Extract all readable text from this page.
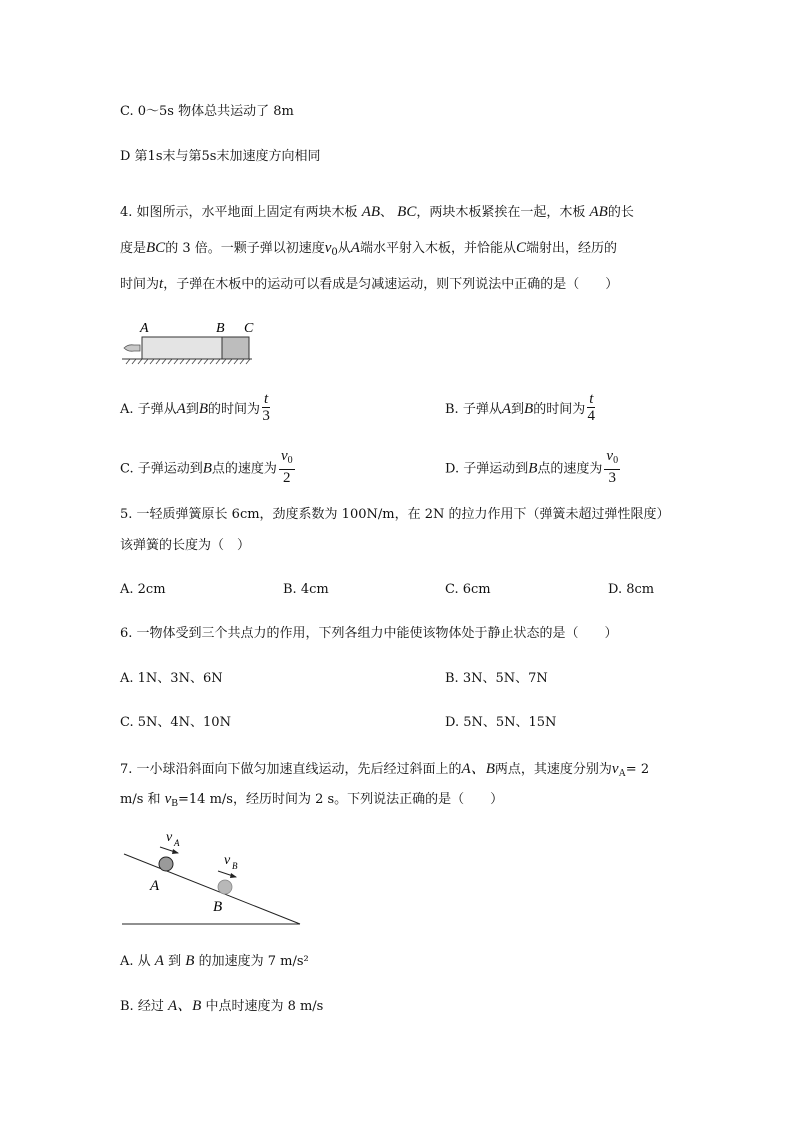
C. 0～5s 物体总共运动了 8m
D 第1s末与第5s末加速度方向相同
4. 如图所示，水平地面上固定有两块木板 AB、 BC，两块木板紧挨在一起，木板 AB的长
度是BC的 3 倍。一颗子弹以初速度$v_0$从A端水平射入木板，并恰能从C端射出，经历的
时间为t，子弹在木板中的运动可以看成是匀减速运动，则下列说法中正确的是（　　）
A	B C
A. 子弹从A到B的时间为 $\frac{t}{3}$	B. 子弹从A到B的时间为 $\frac{t}{4}$
C. 子弹运动到B点的速度为 $\frac{v_0}{2}$	D. 子弹运动到B点的速度为 $\frac{v_0}{3}$
5. 一轻质弹簧原长 6cm，劲度系数为 100N/m，在 2N 的拉力作用下（弹簧未超过弹性限度）
该弹簧的长度为（　）
A. 2cm	B. 4cm	C. 6cm	D. 8cm
6. 一物体受到三个共点力的作用，下列各组力中能使该物体处于静止状态的是（　　）
A. 1N、3N、6N	B. 3N、5N、7N
C. 5N、4N、10N	D. 5N、5N、15N
7. 一小球沿斜面向下做匀加速直线运动，先后经过斜面上的A、B两点，其速度分别为$v_A= 2$
m/s 和 $v_B=14$ m/s，经历时间为 2 s。下列说法正确的是（　　）
v A
v B
A
B
A. 从 A 到 B 的加速度为 7 m/s²
B. 经过 A、B 中点时速度为 8 m/s
